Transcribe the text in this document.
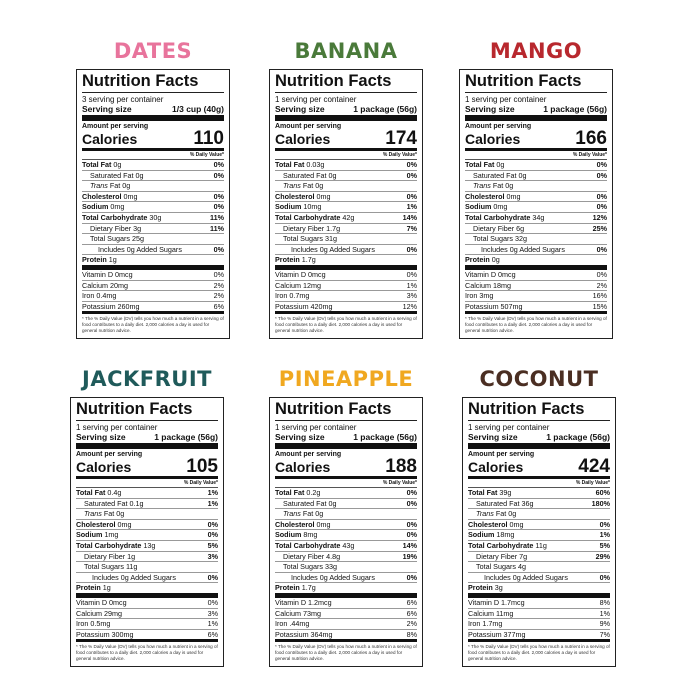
DATES
Nutrition Facts
3 serving per container
Serving size	1/3 cup (40g)
Amount per serving
Calories	110
% Daily Value*
Total Fat 0g	0%
Saturated Fat 0g	0%
Trans Fat 0g
Cholesterol 0mg	0%
Sodium 0mg	0%
Total Carbohydrate 30g	11%
Dietary Fiber 3g	11%
Total Sugars 25g
Includes 0g Added Sugars	0%
Protein 1g
Vitamin D 0mcg	0%
Calcium 20mg	2%
Iron 0.4mg	2%
Potassium 260mg	6%
* The % Daily Value (DV) tells you how much a nutrient in a serving of food contributes to a daily diet. 2,000 calories a day is used for general nutrition advice.
BANANA
Nutrition Facts
1 serving per container
Serving size	1 package (56g)
Amount per serving
Calories	174
% Daily Value*
Total Fat 0.03g	0%
Saturated Fat 0g	0%
Trans Fat 0g
Cholesterol 0mg	0%
Sodium 10mg	1%
Total Carbohydrate 42g	14%
Dietary Fiber 1.7g	7%
Total Sugars 31g
Includes 0g Added Sugars	0%
Protein 1.7g
Vitamin D 0mcg	0%
Calcium 12mg	1%
Iron 0.7mg	3%
Potassium 420mg	12%
* The % Daily Value (DV) tells you how much a nutrient in a serving of food contributes to a daily diet. 2,000 calories a day is used for general nutrition advice.
MANGO
Nutrition Facts
1 serving per container
Serving size	1 package (56g)
Amount per serving
Calories	166
% Daily Value*
Total Fat 0g	0%
Saturated Fat 0g	0%
Trans Fat 0g
Cholesterol 0mg	0%
Sodium 0mg	0%
Total Carbohydrate 34g	12%
Dietary Fiber 6g	25%
Total Sugars 32g
Includes 0g Added Sugars	0%
Protein 0g
Vitamin D 0mcg	0%
Calcium 18mg	2%
Iron 3mg	16%
Potassium 507mg	15%
* The % Daily Value (DV) tells you how much a nutrient in a serving of food contributes to a daily diet. 2,000 calories a day is used for general nutrition advice.
JACKFRUIT
Nutrition Facts
1 serving per container
Serving size	1 package (56g)
Amount per serving
Calories	105
% Daily Value*
Total Fat 0.4g	1%
Saturated Fat 0.1g	1%
Trans Fat 0g
Cholesterol 0mg	0%
Sodium 1mg	0%
Total Carbohydrate 13g	5%
Dietary Fiber 1g	3%
Total Sugars 11g
Includes 0g Added Sugars	0%
Protein 1g
Vitamin D 0mcg	0%
Calcium 29mg	3%
Iron 0.5mg	1%
Potassium 300mg	6%
* The % Daily Value (DV) tells you how much a nutrient in a serving of food contributes to a daily diet. 2,000 calories a day is used for general nutrition advice.
PINEAPPLE
Nutrition Facts
1 serving per container
Serving size	1 package (56g)
Amount per serving
Calories	188
% Daily Value*
Total Fat 0.2g	0%
Saturated Fat 0g	0%
Trans Fat 0g
Cholesterol 0mg	0%
Sodium 8mg	0%
Total Carbohydrate 43g	14%
Dietary Fiber 4.8g	19%
Total Sugars 33g
Includes 0g Added Sugars	0%
Protein 1.7g
Vitamin D 1.2mcg	6%
Calcium 73mg	6%
Iron .44mg	2%
Potassium 364mg	8%
* The % Daily Value (DV) tells you how much a nutrient in a serving of food contributes to a daily diet. 2,000 calories a day is used for general nutrition advice.
COCONUT
Nutrition Facts
1 serving per container
Serving size	1 package (56g)
Amount per serving
Calories	424
% Daily Value*
Total Fat 39g	60%
Saturated Fat 36g	180%
Trans Fat 0g
Cholesterol 0mg	0%
Sodium 18mg	1%
Total Carbohydrate 11g	5%
Dietary Fiber 7g	29%
Total Sugars 4g
Includes 0g Added Sugars	0%
Protein 3g
Vitamin D 1.7mcg	8%
Calcium 11mg	1%
Iron 1.7mg	9%
Potassium 377mg	7%
* The % Daily Value (DV) tells you how much a nutrient in a serving of food contributes to a daily diet. 2,000 calories a day is used for general nutrition advice.
